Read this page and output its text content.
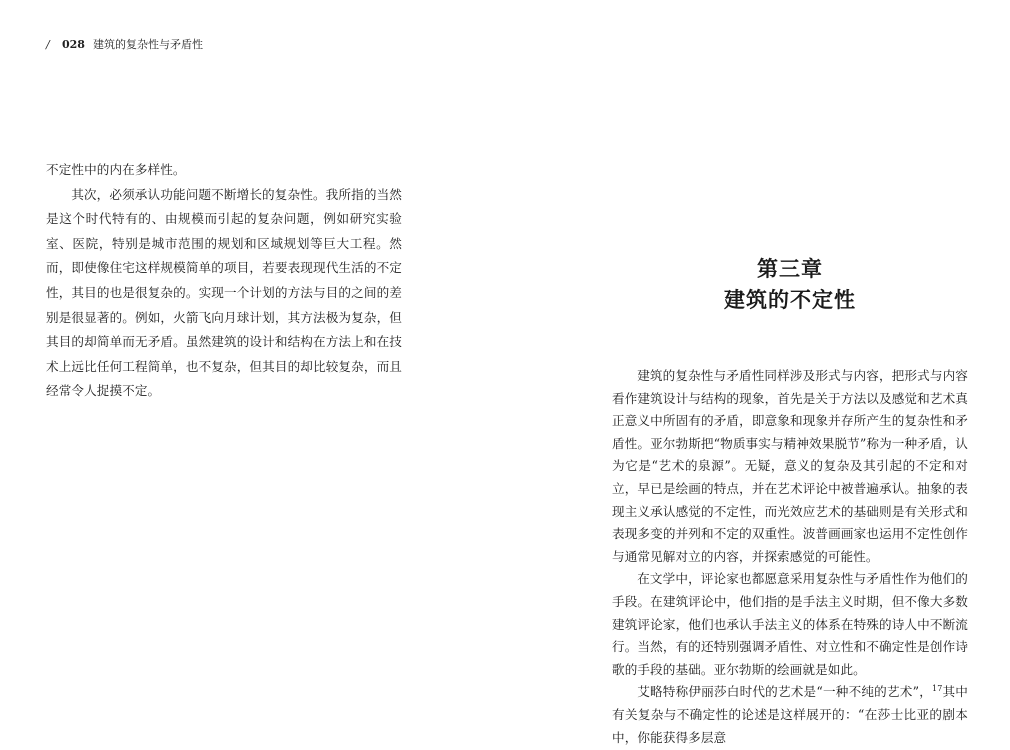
/ 028 建筑的复杂性与矛盾性

不定性中的内在多样性。

其次，必须承认功能问题不断增长的复杂性。我所指的当然是这个时代特有的、由规模而引起的复杂问题，例如研究实验室、医院，特别是城市范围的规划和区域规划等巨大工程。然而，即使像住宅这样规模简单的项目，若要表现现代生活的不定性，其目的也是很复杂的。实现一个计划的方法与目的之间的差别是很显著的。例如，火箭飞向月球计划，其方法极为复杂，但其目的却简单而无矛盾。虽然建筑的设计和结构在方法上和在技术上远比任何工程简单，也不复杂，但其目的却比较复杂，而且经常令人捉摸不定。

第三章
建筑的不定性

建筑的复杂性与矛盾性同样涉及形式与内容，把形式与内容看作建筑设计与结构的现象，首先是关于方法以及感觉和艺术真正意义中所固有的矛盾，即意象和现象并存所产生的复杂性和矛盾性。亚尔勃斯把“物质事实与精神效果脱节”称为一种矛盾，认为它是“艺术的泉源”。无疑，意义的复杂及其引起的不定和对立，早已是绘画的特点，并在艺术评论中被普遍承认。抽象的表现主义承认感觉的不定性，而光效应艺术的基础则是有关形式和表现多变的并列和不定的双重性。波普画画家也运用不定性创作与通常见解对立的内容，并探索感觉的可能性。

在文学中，评论家也都愿意采用复杂性与矛盾性作为他们的手段。在建筑评论中，他们指的是手法主义时期，但不像大多数建筑评论家，他们也承认手法主义的体系在特殊的诗人中不断流行。当然，有的还特别强调矛盾性、对立性和不确定性是创作诗歌的手段的基础。亚尔勃斯的绘画就是如此。

艾略特称伊丽莎白时代的艺术是“一种不纯的艺术”，$^{17}$其中有关复杂与不确定性的论述是这样展开的：“在莎士比亚的剧本中，你能获得多层意
